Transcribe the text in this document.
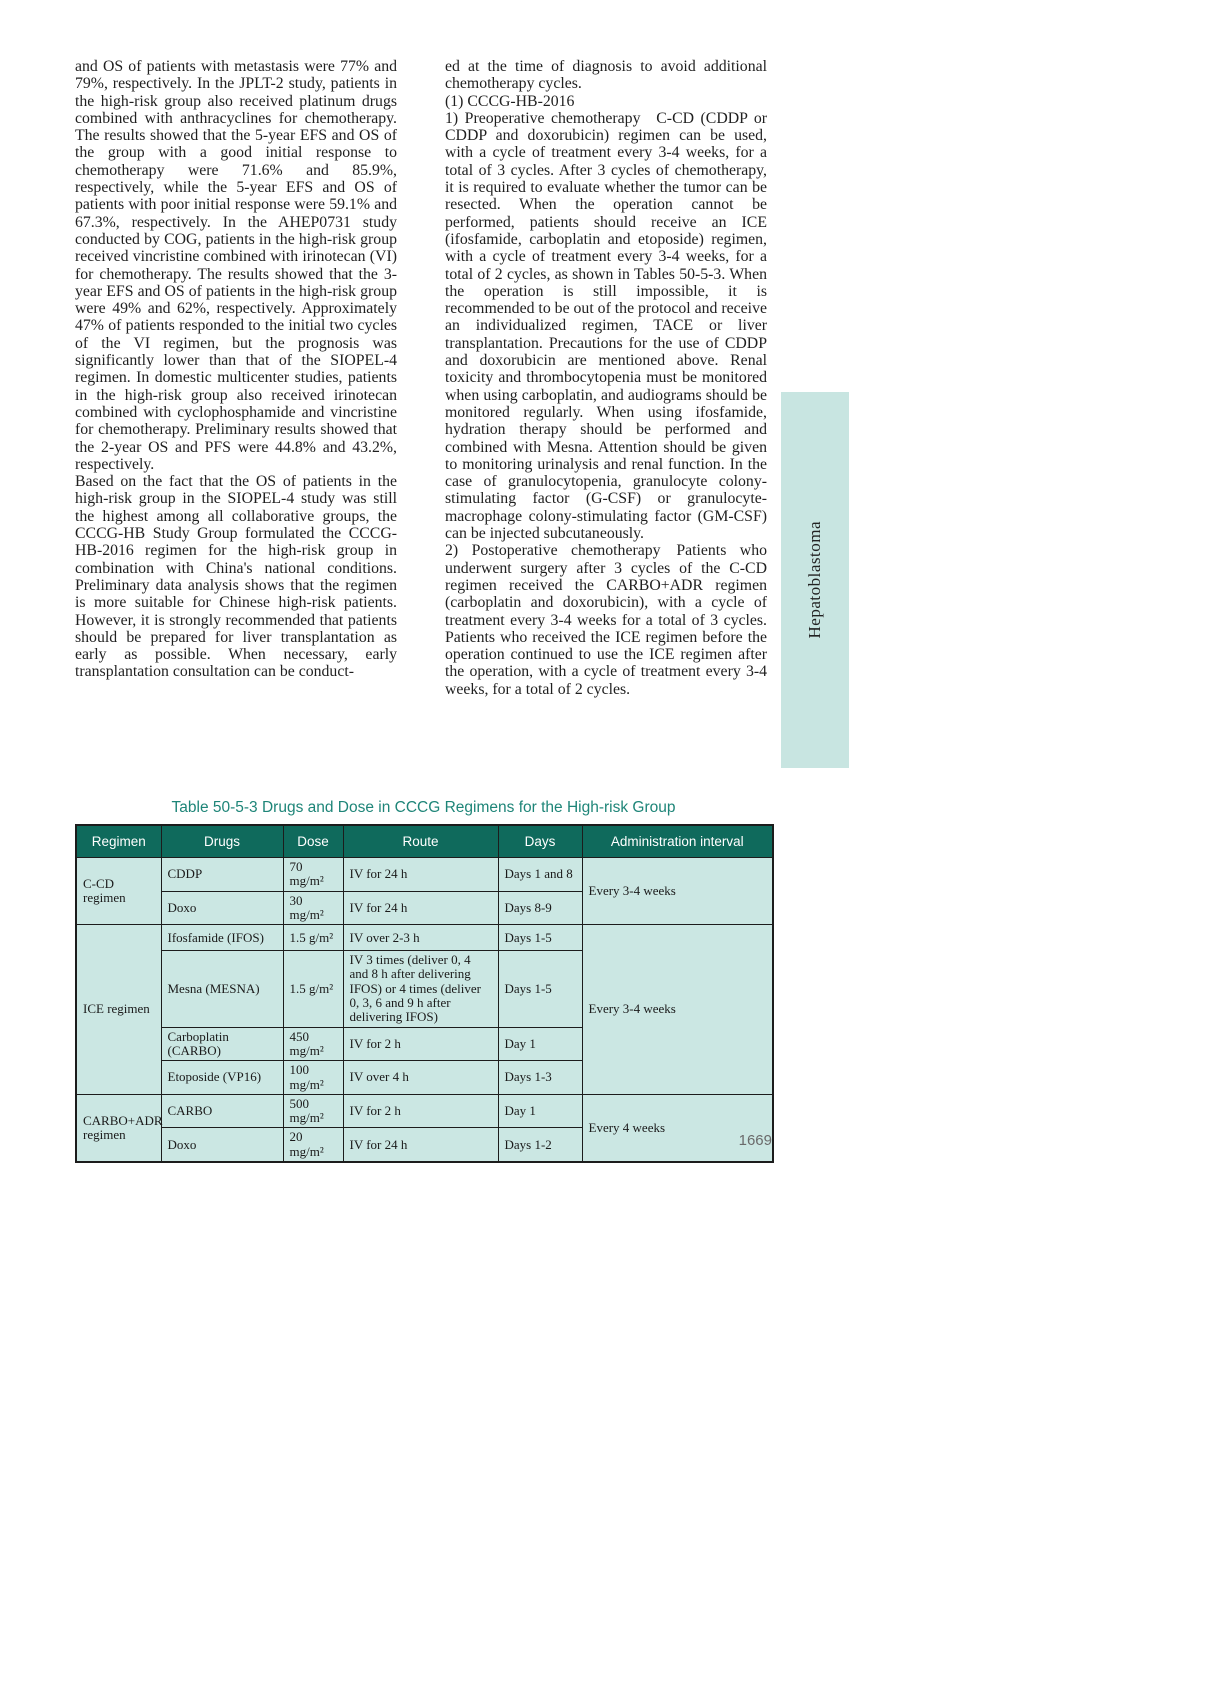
and OS of patients with metastasis were 77% and 79%, respectively. In the JPLT-2 study, patients in the high-risk group also received platinum drugs combined with anthracyclines for chemotherapy. The results showed that the 5-year EFS and OS of the group with a good initial response to chemotherapy were 71.6% and 85.9%, respectively, while the 5-year EFS and OS of patients with poor initial response were 59.1% and 67.3%, respectively. In the AHEP0731 study conducted by COG, patients in the high-risk group received vincristine combined with irinotecan (VI) for chemotherapy. The results showed that the 3-year EFS and OS of patients in the high-risk group were 49% and 62%, respectively. Approximately 47% of patients responded to the initial two cycles of the VI regimen, but the prognosis was significantly lower than that of the SIOPEL-4 regimen. In domestic multicenter studies, patients in the high-risk group also received irinotecan combined with cyclophosphamide and vincristine for chemotherapy. Preliminary results showed that the 2-year OS and PFS were 44.8% and 43.2%, respectively.

Based on the fact that the OS of patients in the high-risk group in the SIOPEL-4 study was still the highest among all collaborative groups, the CCCG-HB Study Group formulated the CCCG-HB-2016 regimen for the high-risk group in combination with China's national conditions. Preliminary data analysis shows that the regimen is more suitable for Chinese high-risk patients. However, it is strongly recommended that patients should be prepared for liver transplantation as early as possible. When necessary, early transplantation consultation can be conduct-

ed at the time of diagnosis to avoid additional chemotherapy cycles.

(1) CCCG-HB-2016

1) Preoperative chemotherapy C-CD (CDDP or CDDP and doxorubicin) regimen can be used, with a cycle of treatment every 3-4 weeks, for a total of 3 cycles. After 3 cycles of chemotherapy, it is required to evaluate whether the tumor can be resected. When the operation cannot be performed, patients should receive an ICE (ifosfamide, carboplatin and etoposide) regimen, with a cycle of treatment every 3-4 weeks, for a total of 2 cycles, as shown in Tables 50-5-3. When the operation is still impossible, it is recommended to be out of the protocol and receive an individualized regimen, TACE or liver transplantation. Precautions for the use of CDDP and doxorubicin are mentioned above. Renal toxicity and thrombocytopenia must be monitored when using carboplatin, and audiograms should be monitored regularly. When using ifosfamide, hydration therapy should be performed and combined with Mesna. Attention should be given to monitoring urinalysis and renal function. In the case of granulocytopenia, granulocyte colony-stimulating factor (G-CSF) or granulocyte-macrophage colony-stimulating factor (GM-CSF) can be injected subcutaneously.

2) Postoperative chemotherapy Patients who underwent surgery after 3 cycles of the C-CD regimen received the CARBO+ADR regimen (carboplatin and doxorubicin), with a cycle of treatment every 3-4 weeks for a total of 3 cycles. Patients who received the ICE regimen before the operation continued to use the ICE regimen after the operation, with a cycle of treatment every 3-4 weeks, for a total of 2 cycles.

Hepatoblastoma
Table 50-5-3 Drugs and Dose in CCCG Regimens for the High-risk Group
Regimen	Drugs	Dose	Route	Days	Administration interval
C-CD regimen	CDDP	70 mg/m²	IV for 24 h	Days 1 and 8	Every 3-4 weeks
	Doxo	30 mg/m²	IV for 24 h	Days 8-9	
ICE regimen	Ifosfamide (IFOS)	1.5 g/m²	IV over 2-3 h	Days 1-5	Every 3-4 weeks
	Mesna (MESNA)	1.5 g/m²	IV 3 times (deliver 0, 4 and 8 h after delivering IFOS) or 4 times (deliver 0, 3, 6 and 9 h after delivering IFOS)	Days 1-5	
	Carboplatin (CARBO)	450 mg/m²	IV for 2 h	Day 1	
	Etoposide (VP16)	100 mg/m²	IV over 4 h	Days 1-3	
CARBO+ADR regimen	CARBO	500 mg/m²	IV for 2 h	Day 1	Every 4 weeks
	Doxo	20 mg/m²	IV for 24 h	Days 1-2		1669
